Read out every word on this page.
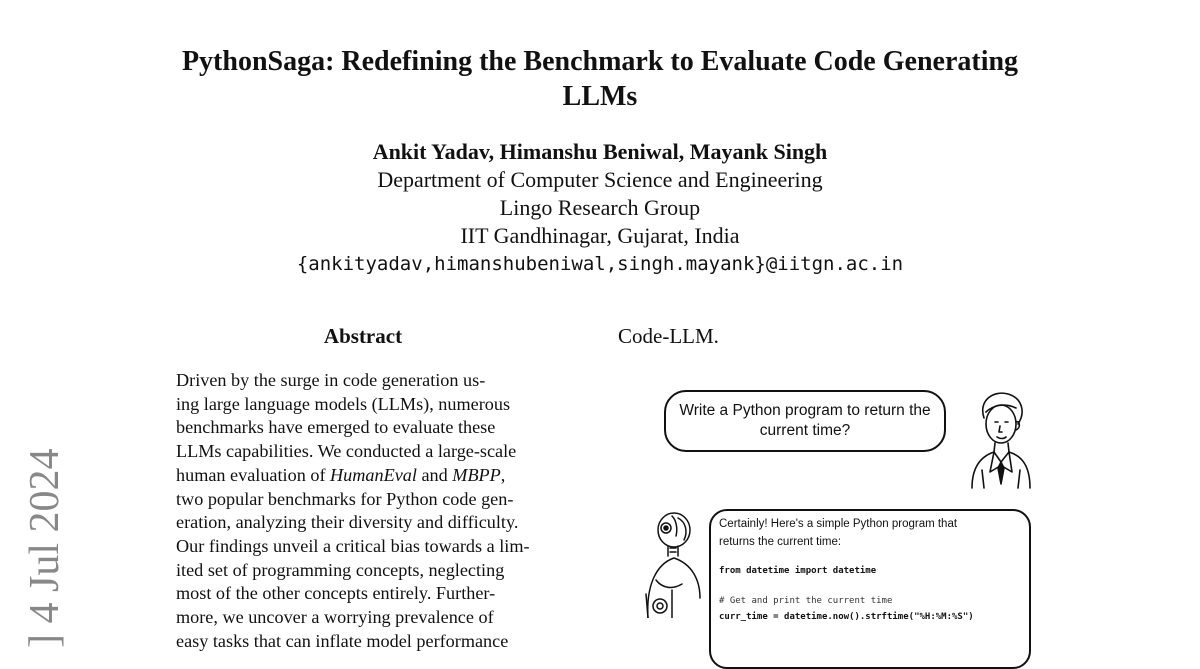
PythonSaga: Redefining the Benchmark to Evaluate Code Generating
LLMs
Ankit Yadav, Himanshu Beniwal, Mayank Singh
Department of Computer Science and Engineering
Lingo Research Group
IIT Gandhinagar, Gujarat, India
{ankityadav,himanshubeniwal,singh.mayank}@iitgn.ac.in
] 4 Jul 2024
Abstract
Driven by the surge in code generation us-
ing large language models (LLMs), numerous
benchmarks have emerged to evaluate these
LLMs capabilities. We conducted a large-scale
human evaluation of HumanEval and MBPP,
two popular benchmarks for Python code gen-
eration, analyzing their diversity and difficulty.
Our findings unveil a critical bias towards a lim-
ited set of programming concepts, neglecting
most of the other concepts entirely. Further-
more, we uncover a worrying prevalence of
easy tasks that can inflate model performance
Code-LLM.
Write a Python program to return the current time?
Certainly! Here's a simple Python program that
returns the current time:
from datetime import datetime
# Get and print the current time
curr_time = datetime.now().strftime("%H:%M:%S")
